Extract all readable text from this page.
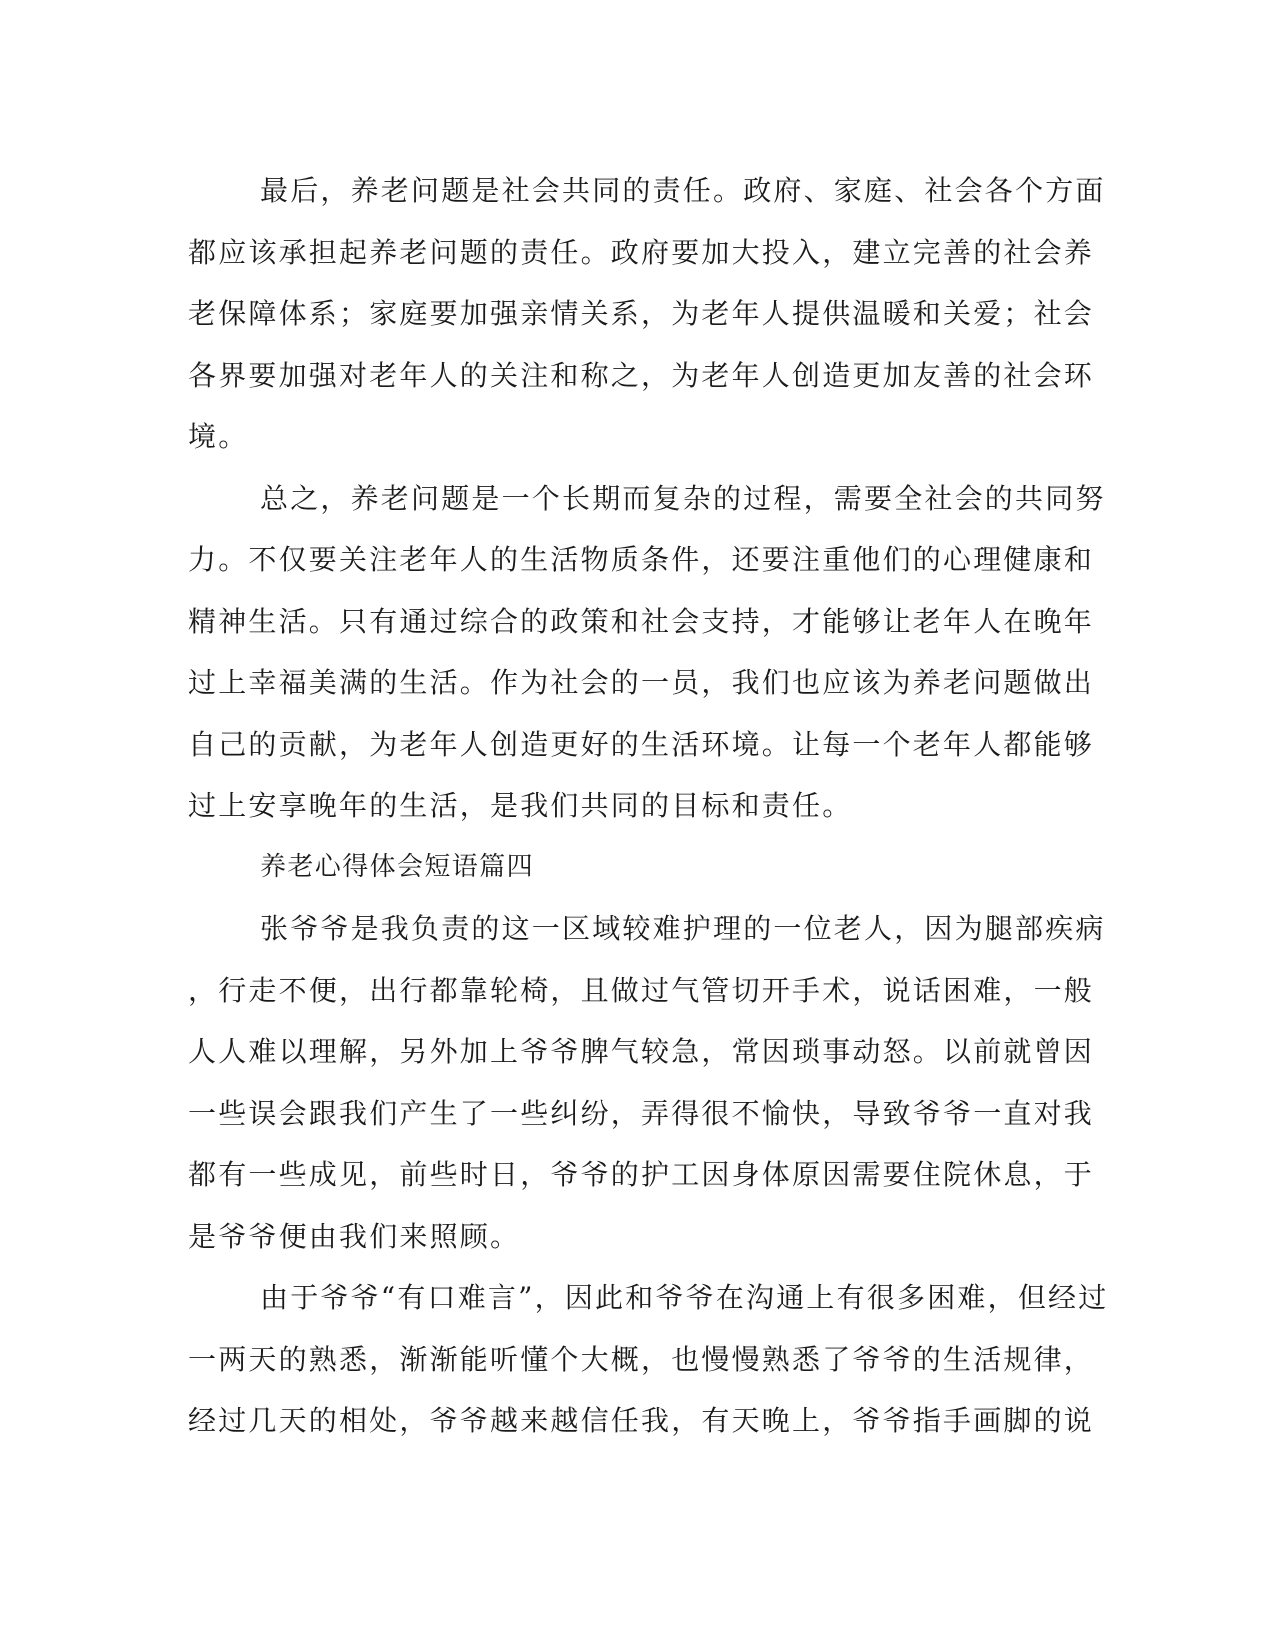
最后，养老问题是社会共同的责任。政府、家庭、社会各个方面
都应该承担起养老问题的责任。政府要加大投入，建立完善的社会养
老保障体系；家庭要加强亲情关系，为老年人提供温暖和关爱；社会
各界要加强对老年人的关注和称之，为老年人创造更加友善的社会环
境。

总之，养老问题是一个长期而复杂的过程，需要全社会的共同努
力。不仅要关注老年人的生活物质条件，还要注重他们的心理健康和
精神生活。只有通过综合的政策和社会支持，才能够让老年人在晚年
过上幸福美满的生活。作为社会的一员，我们也应该为养老问题做出
自己的贡献，为老年人创造更好的生活环境。让每一个老年人都能够
过上安享晚年的生活，是我们共同的目标和责任。

养老心得体会短语篇四

张爷爷是我负责的这一区域较难护理的一位老人，因为腿部疾病
，行走不便，出行都靠轮椅，且做过气管切开手术，说话困难，一般
人人难以理解，另外加上爷爷脾气较急，常因琐事动怒。以前就曾因
一些误会跟我们产生了一些纠纷，弄得很不愉快，导致爷爷一直对我
都有一些成见，前些时日，爷爷的护工因身体原因需要住院休息，于
是爷爷便由我们来照顾。

由于爷爷“有口难言”，因此和爷爷在沟通上有很多困难，但经过
一两天的熟悉，渐渐能听懂个大概，也慢慢熟悉了爷爷的生活规律，
经过几天的相处，爷爷越来越信任我，有天晚上，爷爷指手画脚的说
